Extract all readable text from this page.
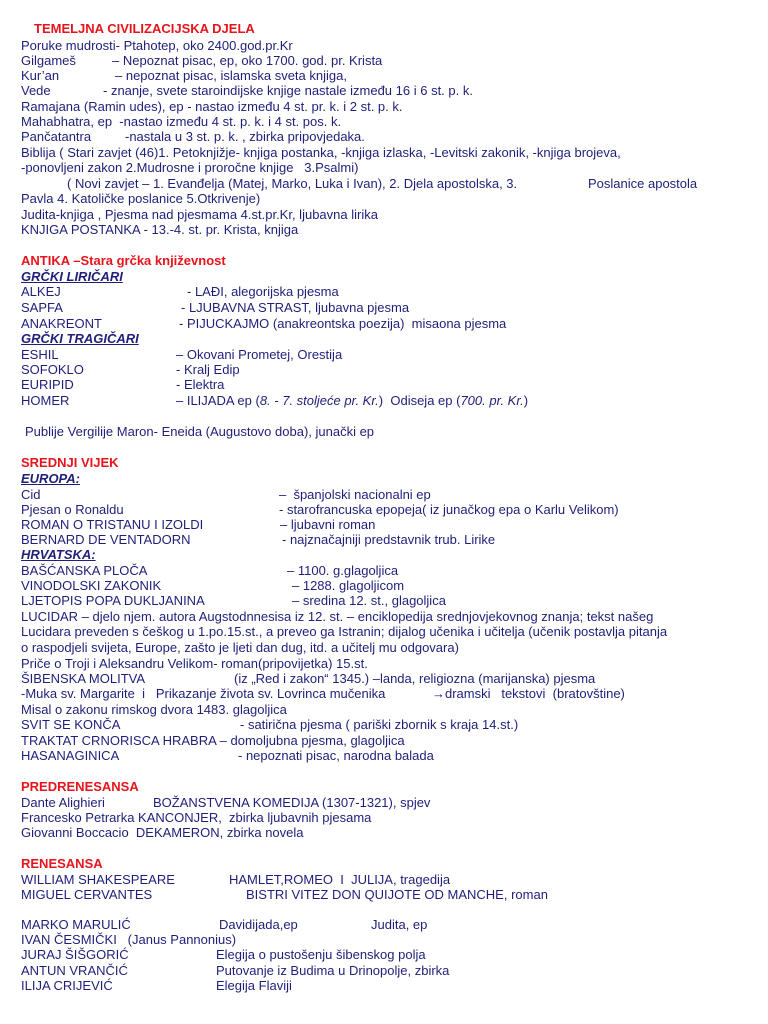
TEMELJNA CIVILIZACIJSKA DJELA
Poruke mudrosti- Ptahotep, oko 2400.god.pr.Kr
Gilgameš	– Nepoznat pisac, ep, oko 1700. god. pr. Krista
Kur’an	– nepoznat pisac, islamska sveta knjiga,
Vede	- znanje, svete staroindijske knjige nastale između 16 i 6 st. p. k.
Ramajana (Ramin udes), ep - nastao između 4 st. pr. k. i 2 st. p. k.
Mahabhatra, ep  -nastao između 4 st. p. k. i 4 st. pos. k.
Pančatantra	-nastala u 3 st. p. k. , zbirka pripovjedaka.
Biblija ( Stari zavjet (46)1. Petoknjižje- knjiga postanka, -knjiga izlaska, -Levitski zakonik, -knjiga brojeva,
-ponovljeni zakon 2.Mudrosne i proročne knjige   3.Psalmi)
( Novi zavjet – 1. Evanđelja (Matej, Marko, Luka i Ivan), 2. Djela apostolska, 3.	Poslanice apostola
Pavla 4. Katoličke poslanice 5.Otkrivenje)
Judita-knjiga , Pjesma nad pjesmama 4.st.pr.Kr, ljubavna lirika
KNJIGA POSTANKA - 13.-4. st. pr. Krista, knjiga
ANTIKA –Stara grčka književnost
GRČKI LIRIČARI
ALKEJ	- LAĐI, alegorijska pjesma
SAPFA	- LJUBAVNA STRAST, ljubavna pjesma
ANAKREONT	- PIJUCKAJMO (anakreontska poezija)  misaona pjesma
GRČKI TRAGIČARI
ESHIL	– Okovani Prometej, Orestija
SOFOKLO	- Kralj Edip
EURIPID	- Elektra
HOMER	– ILIJADA ep (8. - 7. stoljeće pr. Kr.)  Odiseja ep (700. pr. Kr.)
Publije Vergilije Maron- Eneida (Augustovo doba), junački ep
SREDNJI VIJEK
EUROPA:
Cid	–  španjolski nacionalni ep
Pjesan o Ronaldu	- starofrancuska epopeja( iz junačkog epa o Karlu Velikom)
ROMAN O TRISTANU I IZOLDI	– ljubavni roman
BERNARD DE VENTADORN	- najznačajniji predstavnik trub. Lirike
HRVATSKA:
BAŠĆANSKA PLOČA	– 1100. g.glagoljica
VINODOLSKI ZAKONIK	– 1288. glagoljicom
LJETOPIS POPA DUKLJANINA	– sredina 12. st., glagoljica
LUCIDAR – djelo njem. autora Augstodnnesisa iz 12. st. – enciklopedija srednjovjekovnog znanja; tekst našeg
Lucidara preveden s češkog u 1.po.15.st., a preveo ga Istranin; dijalog učenika i učitelja (učenik postavlja pitanja
o raspodjeli svijeta, Europe, zašto je ljeti dan dug, itd. a učitelj mu odgovara)
Priče o Troji i Aleksandru Velikom- roman(pripovijetka) 15.st.
ŠIBENSKA MOLITVA	(iz „Red i zakon“ 1345.) –landa, religiozna (marijanska) pjesma
-Muka sv. Margarite  i   Prikazanje života sv. Lovrinca mučenika	→dramski   tekstovi  (bratovštine)
Misal o zakonu rimskog dvora 1483. glagoljica
SVIT SE KONČA	- satirična pjesma ( pariški zbornik s kraja 14.st.)
TRAKTAT CRNORISCA HRABRA – domoljubna pjesma, glagoljica
HASANAGINICA	- nepoznati pisac, narodna balada
PREDRENESANSA
Dante Alighieri	BOŽANSTVENA KOMEDIJA (1307-1321), spjev
Francesko Petrarka KANCONJER,  zbirka ljubavnih pjesama
Giovanni Boccacio  DEKAMERON, zbirka novela
RENESANSA
WILLIAM SHAKESPEARE	HAMLET,ROMEO  I  JULIJA, tragedija
MIGUEL CERVANTES	BISTRI VITEZ DON QUIJOTE OD MANCHE, roman
MARKO MARULIĆ	Davidijada,ep	Judita, ep
IVAN ČESMIČKI   (Janus Pannonius)
JURAJ ŠIŠGORIĆ	Elegija o pustošenju šibenskog polja
ANTUN VRANČIĆ	Putovanje iz Budima u Drinopolje, zbirka
ILIJA CRIJEVIĆ	Elegija Flaviji
